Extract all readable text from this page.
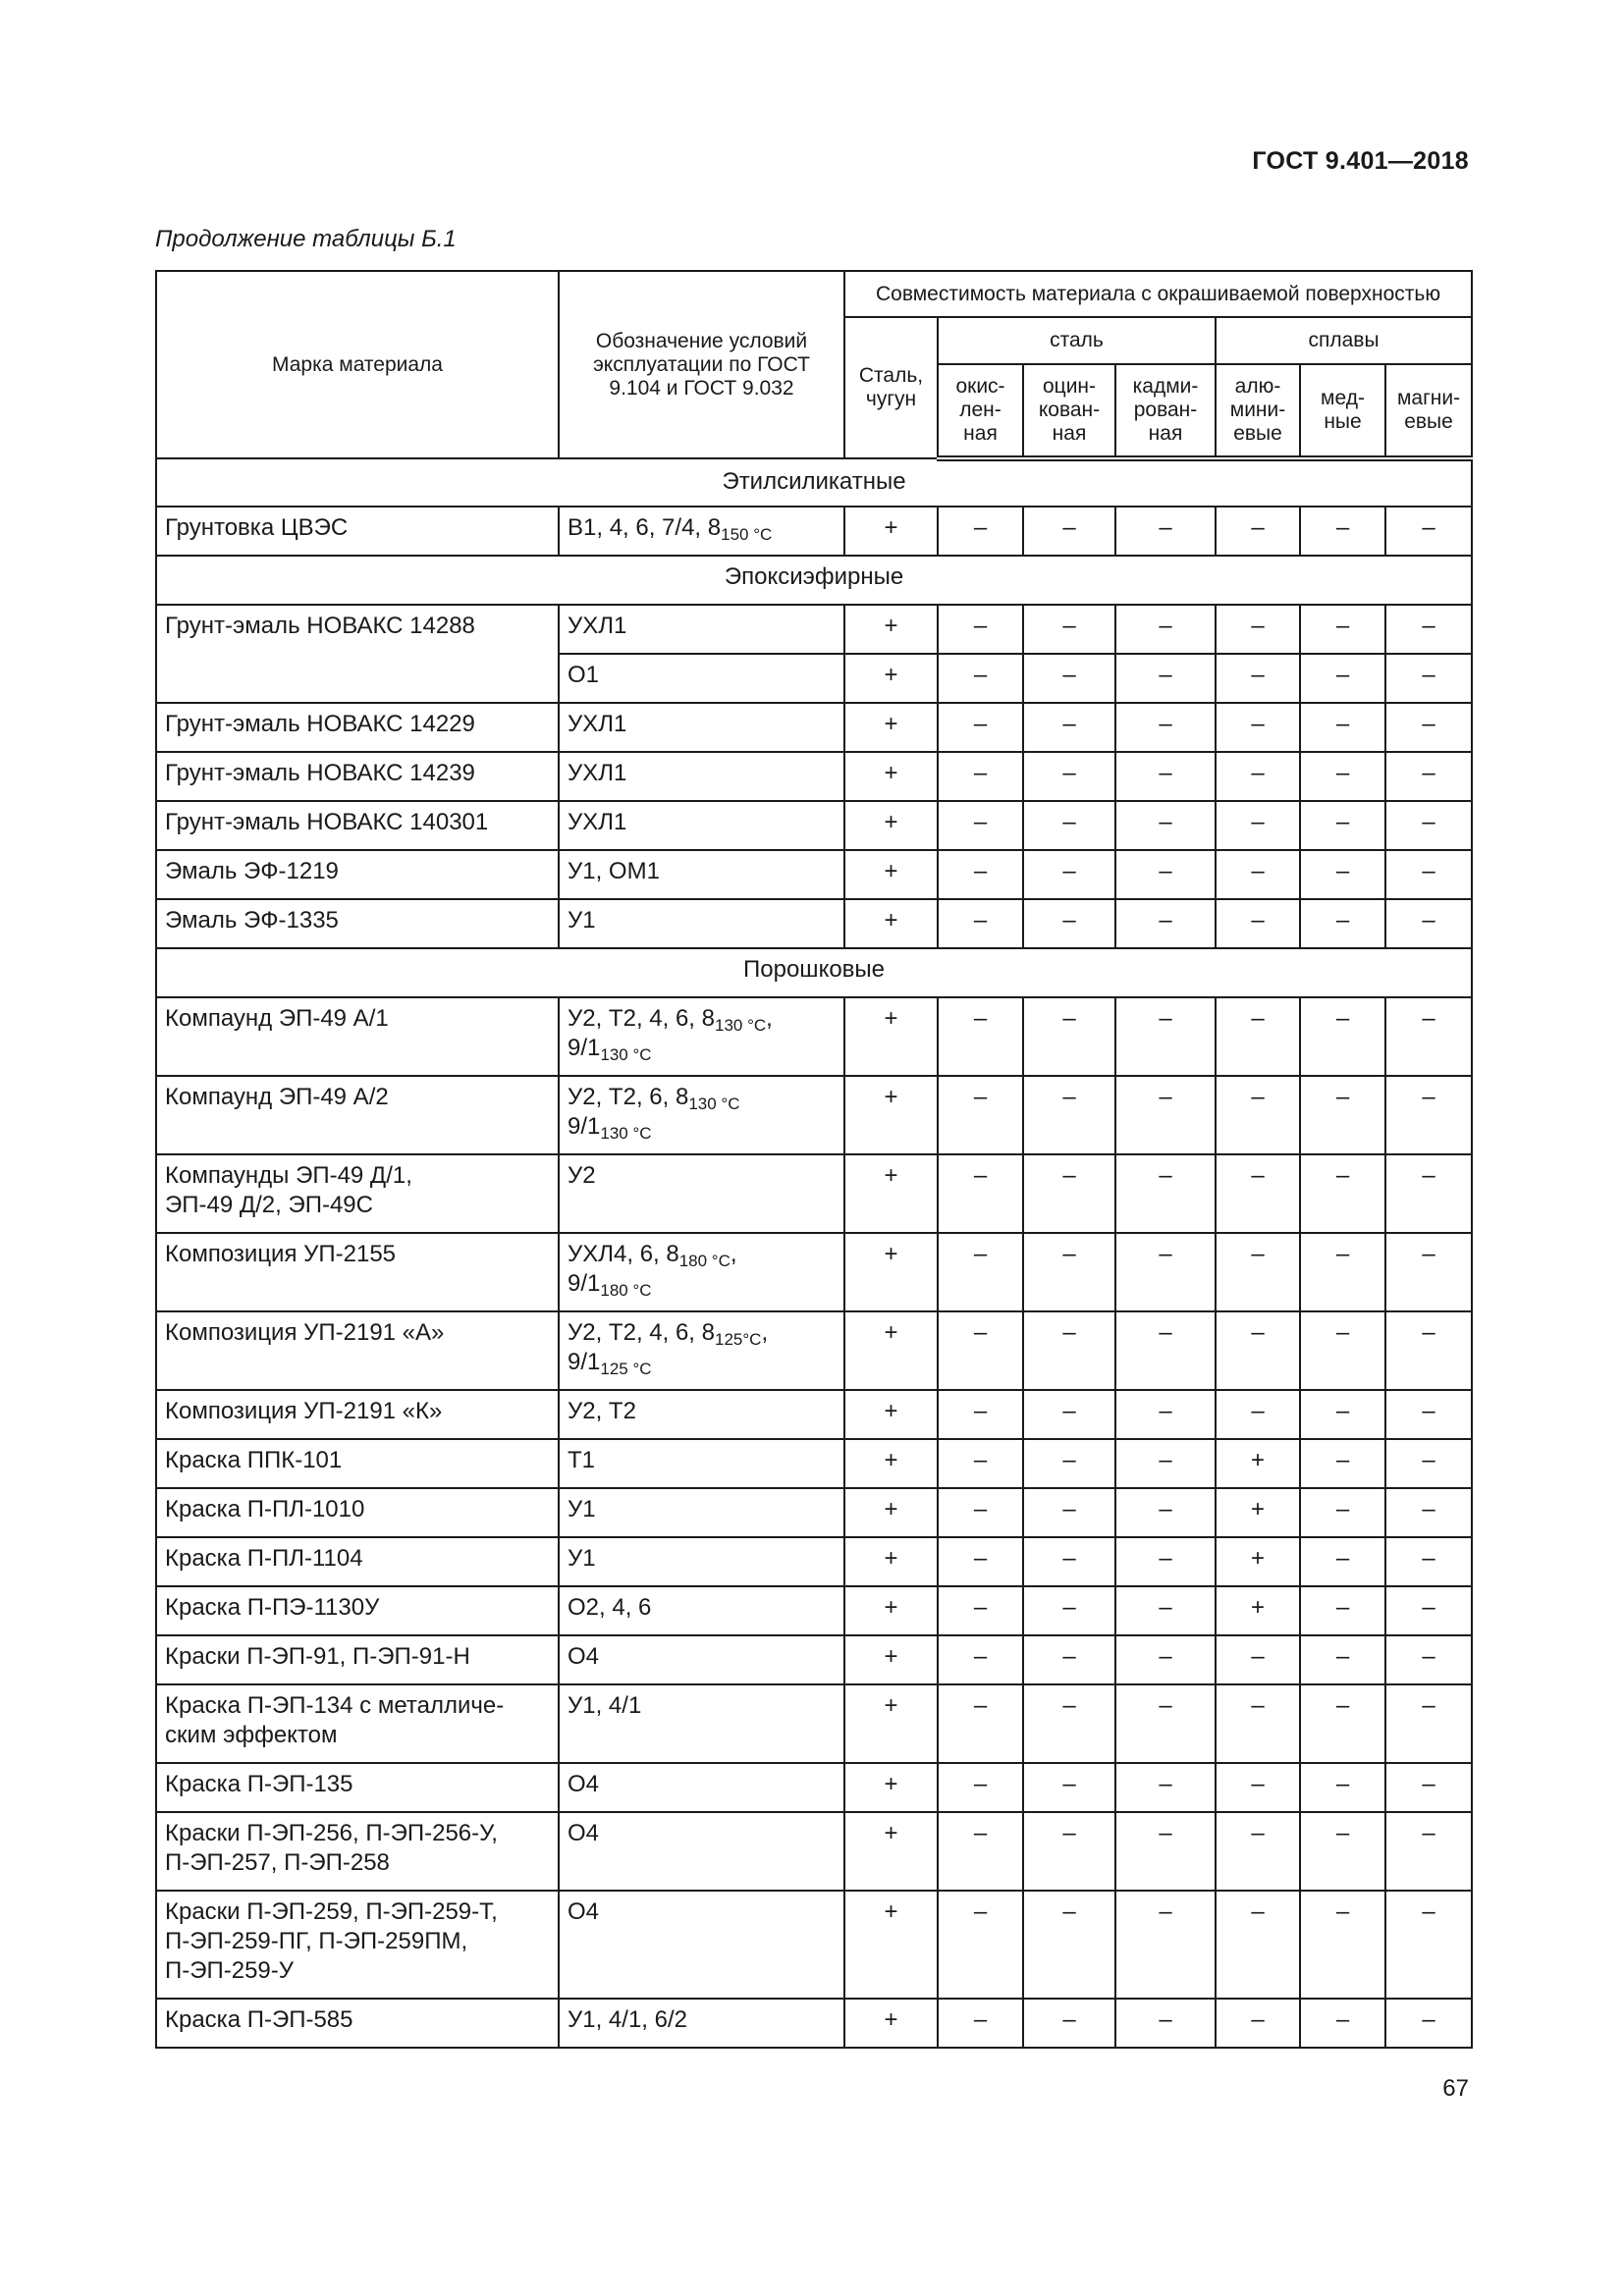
ГОСТ 9.401—2018
Продолжение таблицы Б.1
Марка материала	Обозначение условий эксплуатации по ГОСТ 9.104 и ГОСТ 9.032	Совместимость материала с окрашиваемой поверхностью						
		Сталь, чугун	сталь			сплавы		
			окис-лен-ная	оцин-кован-ная	кадми-рован-ная	алю-мини-евые	мед-ные	магни-евые
Этилсиликатные								
Грунтовка ЦВЭС	В1, 4, 6, 7/4, $8_{150 ^\circ С}$	+	–	–	–	–	–	–
Эпоксиэфирные								
Грунт-эмаль НОВАКС 14288	УХЛ1	+	–	–	–	–	–	–
	О1	+	–	–	–	–	–	–
Грунт-эмаль НОВАКС 14229	УХЛ1	+	–	–	–	–	–	–
Грунт-эмаль НОВАКС 14239	УХЛ1	+	–	–	–	–	–	–
Грунт-эмаль НОВАКС 140301	УХЛ1	+	–	–	–	–	–	–
Эмаль ЭФ-1219	У1, ОМ1	+	–	–	–	–	–	–
Эмаль ЭФ-1335	У1	+	–	–	–	–	–	–
Порошковые								
Компаунд ЭП-49 А/1	У2, Т2, 4, 6, $8_{130 ^\circ С}$,
$9/1_{130 ^\circ С}$	+	–	–	–	–	–	–
Компаунд ЭП-49 А/2	У2, Т2, 6, $8_{130 ^\circ С}$
$9/1_{130 ^\circ С}$	+	–	–	–	–	–	–
Компаунды ЭП-49 Д/1,
ЭП-49 Д/2, ЭП-49С	У2	+	–	–	–	–	–	–
Композиция УП-2155	УХЛ4, 6, $8_{180 ^\circ С}$,
$9/1_{180 ^\circ С}$	+	–	–	–	–	–	–
Композиция УП-2191 «А»	У2, Т2, 4, 6, $8_{125^\circ С}$,
$9/1_{125 ^\circ С}$	+	–	–	–	–	–	–
Композиция УП-2191 «К»	У2, Т2	+	–	–	–	–	–	–
Краска ППК-101	Т1	+	–	–	–	+	–	–
Краска П-ПЛ-1010	У1	+	–	–	–	+	–	–
Краска П-ПЛ-1104	У1	+	–	–	–	+	–	–
Краска П-ПЭ-1130У	О2, 4, 6	+	–	–	–	+	–	–
Краски П-ЭП-91, П-ЭП-91-Н	О4	+	–	–	–	–	–	–
Краска П-ЭП-134 с металличе-
ским эффектом	У1, 4/1	+	–	–	–	–	–	–
Краска П-ЭП-135	О4	+	–	–	–	–	–	–
Краски П-ЭП-256, П-ЭП-256-У,
П-ЭП-257, П-ЭП-258	О4	+	–	–	–	–	–	–
Краски П-ЭП-259, П-ЭП-259-Т,
П-ЭП-259-ПГ, П-ЭП-259ПМ,
П-ЭП-259-У	О4	+	–	–	–	–	–	–
Краска П-ЭП-585	У1, 4/1, 6/2	+	–	–	–	–	–	–
67
